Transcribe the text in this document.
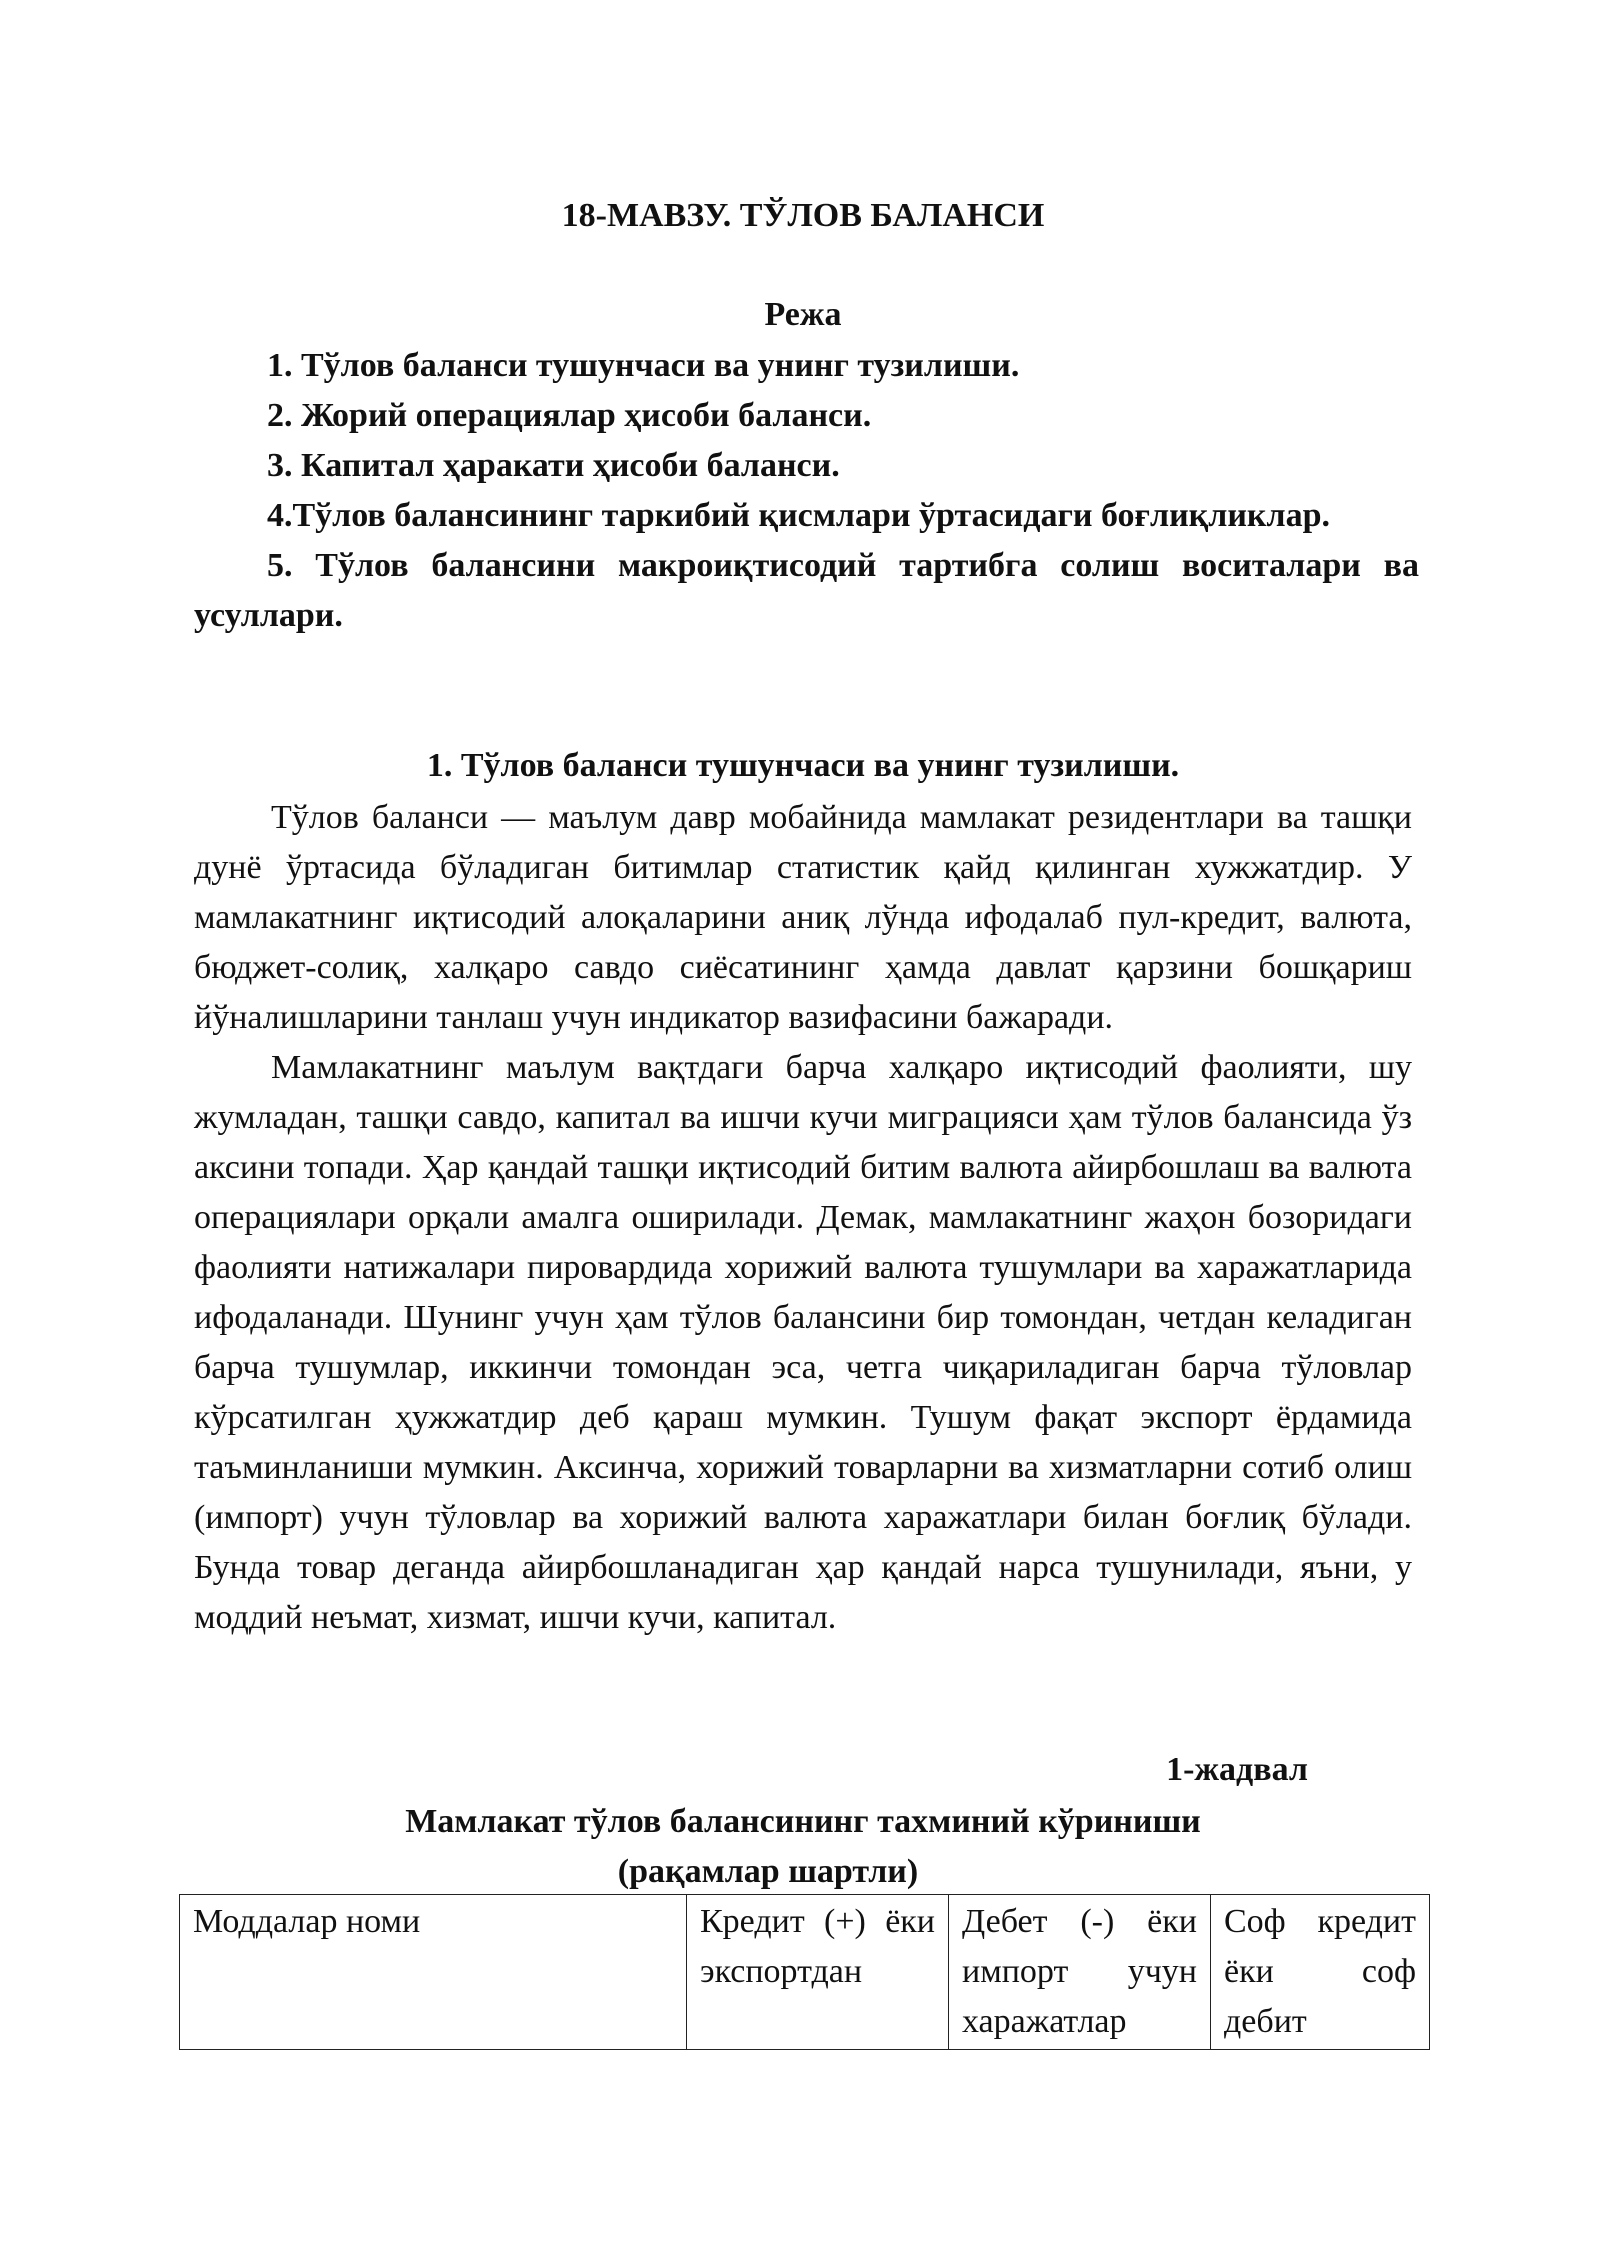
18-МАВЗУ. ТЎЛОВ БАЛАНСИ
Режа
1. Тўлов баланси тушунчаси ва унинг тузилиши.
2. Жорий операциялар ҳисоби баланси.
3. Капитал ҳаракати ҳисоби баланси.
4.Тўлов балансининг таркибий қисмлари ўртасидаги боғлиқликлар.
5. Тўлов балансини макроиқтисодий тартибга солиш воситалари ва усуллари.
1. Тўлов баланси тушунчаси ва унинг тузилиши.

Тўлов баланси — маълум давр мобайнида мамлакат резидентлари ва ташқи дунё ўртасида бўладиган битимлар статистик қайд қилинган хужжатдир. У мамлакатнинг иқтисодий алоқаларини аниқ лўнда ифодалаб пул-кредит, валюта, бюджет-солиқ, халқаро савдо сиёсатининг ҳамда давлат қарзини бошқариш йўналишларини танлаш учун индикатор вазифасини бажаради.

Мамлакатнинг маълум вақтдаги барча халқаро иқтисодий фаолияти, шу жумладан, ташқи савдо, капитал ва ишчи кучи миграцияси ҳам тўлов балансида ўз аксини топади. Ҳар қандай ташқи иқтисодий битим валюта айирбошлаш ва валюта операциялари орқали амалга оширилади. Демак, мамлакатнинг жаҳон бозоридаги фаолияти натижалари пировардида хорижий валюта тушумлари ва харажатларида ифодаланади. Шунинг учун ҳам тўлов балансини бир томондан, четдан келадиган барча тушумлар, иккинчи томондан эса, четга чиқариладиган барча тўловлар кўрсатилган ҳужжатдир деб қараш мумкин. Тушум фақат экспорт ёрдамида таъминланиши мумкин. Аксинча, хорижий товарларни ва хизматларни сотиб олиш (импорт) учун тўловлар ва хорижий валюта харажатлари билан боғлиқ бўлади. Бунда товар деганда айирбошланадиган ҳар қандай нарса тушунилади, яъни, у моддий неъмат, хизмат, ишчи кучи, капитал.

1-жадвал
Мамлакат тўлов балансининг тахминий кўриниши
(рақамлар шартли)
Моддалар номи	Кредит (+) ёки экспортдан	Дебет (-) ёки импорт учун харажатлар	Соф кредит ёки соф дебит
